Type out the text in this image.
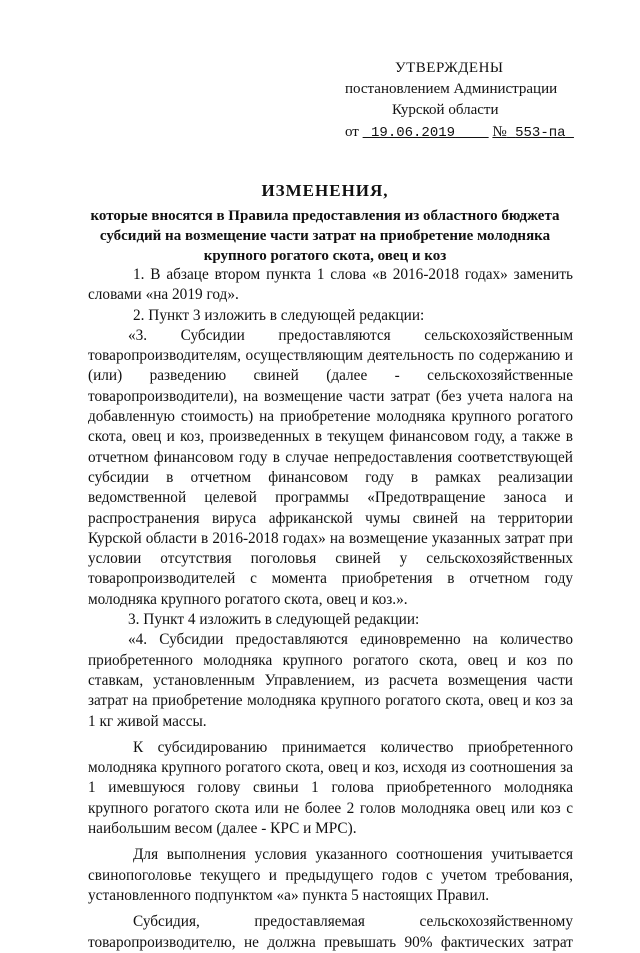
УТВЕРЖДЕНЫ
постановлением Администрации
Курской области
от 19.06.2019 № 553-па
ИЗМЕНЕНИЯ,
которые вносятся в Правила предоставления из областного бюджета
субсидий на возмещение части затрат на приобретение молодняка
крупного рогатого скота, овец и коз
1. В абзаце втором пункта 1 слова «в 2016-2018 годах» заменить
словами «на 2019 год».
2. Пункт 3 изложить в следующей редакции:
«3. Субсидии предоставляются сельскохозяйственным
товаропроизводителям, осуществляющим деятельность по содержанию и
(или) разведению свиней (далее - сельскохозяйственные
товаропроизводители), на возмещение части затрат (без учета налога на
добавленную стоимость) на приобретение молодняка крупного рогатого
скота, овец и коз, произведенных в текущем финансовом году, а также в
отчетном финансовом году в случае непредоставления соответствующей
субсидии в отчетном финансовом году в рамках реализации
ведомственной целевой программы «Предотвращение заноса и
распространения вируса африканской чумы свиней на территории
Курской области в 2016-2018 годах» на возмещение указанных затрат при
условии отсутствия поголовья свиней у сельскохозяйственных
товаропроизводителей с момента приобретения в отчетном году
молодняка крупного рогатого скота, овец и коз.».
3. Пункт 4 изложить в следующей редакции:
«4. Субсидии предоставляются единовременно на количество
приобретенного молодняка крупного рогатого скота, овец и коз по
ставкам, установленным Управлением, из расчета возмещения части
затрат на приобретение молодняка крупного рогатого скота, овец и коз за
1 кг живой массы.
К субсидированию принимается количество приобретенного
молодняка крупного рогатого скота, овец и коз, исходя из соотношения за
1 имевшуюся голову свиньи 1 голова приобретенного молодняка
крупного рогатого скота или не более 2 голов молодняка овец или коз с
наибольшим весом (далее - КРС и МРС).
Для выполнения условия указанного соотношения учитывается
свинопоголовье текущего и предыдущего годов с учетом требования,
установленного подпунктом «а» пункта 5 настоящих Правил.
Субсидия, предоставляемая сельскохозяйственному
товаропроизводителю, не должна превышать 90% фактических затрат
